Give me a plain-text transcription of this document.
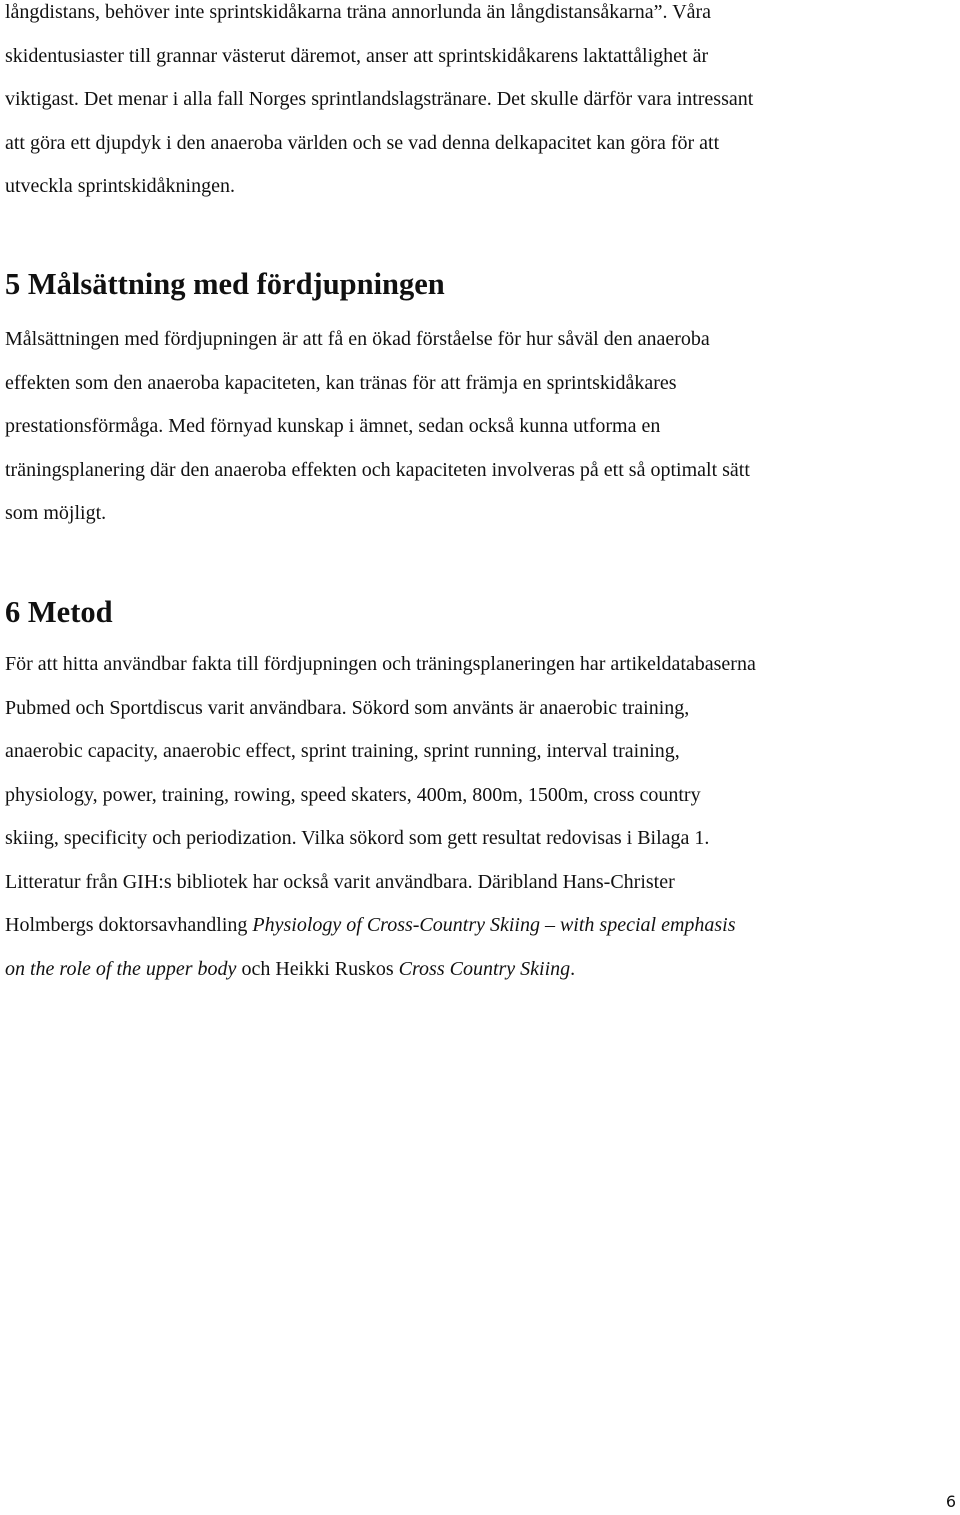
långdistans, behöver inte sprintskidåkarna träna annorlunda än långdistansåkarna”. Våra
skidentusiaster till grannar västerut däremot, anser att sprintskidåkarens laktattålighet är
viktigast. Det menar i alla fall Norges sprintlandslagstränare. Det skulle därför vara intressant
att göra ett djupdyk i den anaeroba världen och se vad denna delkapacitet kan göra för att
utveckla sprintskidåkningen.

5 Målsättning med fördjupningen

Målsättningen med fördjupningen är att få en ökad förståelse för hur såväl den anaeroba
effekten som den anaeroba kapaciteten, kan tränas för att främja en sprintskidåkares
prestationsförmåga. Med förnyad kunskap i ämnet, sedan också kunna utforma en
träningsplanering där den anaeroba effekten och kapaciteten involveras på ett så optimalt sätt
som möjligt.

6 Metod

För att hitta användbar fakta till fördjupningen och träningsplaneringen har artikeldatabaserna
Pubmed och Sportdiscus varit användbara. Sökord som använts är anaerobic training,
anaerobic capacity, anaerobic effect, sprint training, sprint running, interval training,
physiology, power, training, rowing, speed skaters, 400m, 800m, 1500m, cross country
skiing, specificity och periodization. Vilka sökord som gett resultat redovisas i Bilaga 1.
Litteratur från GIH:s bibliotek har också varit användbara. Däribland Hans-Christer
Holmbergs doktorsavhandling Physiology of Cross-Country Skiing – with special emphasis
on the role of the upper body och Heikki Ruskos Cross Country Skiing.

6
